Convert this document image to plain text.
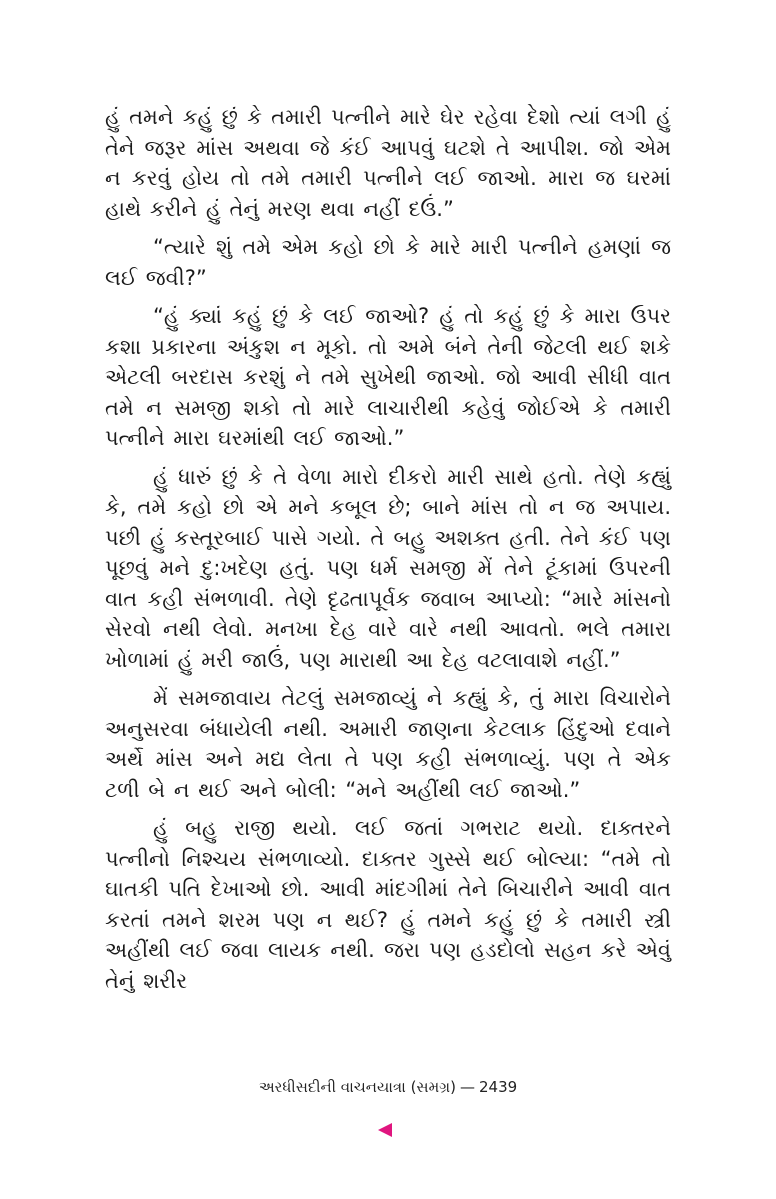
હું તમને કહું છું કે તમારી પત્નીને મારે ઘેર રહેવા દેશો ત્યાં લગી હું તેને જરૂર માંસ અથવા જે કંઈ આપવું ઘટશે તે આપીશ. જો એમ ન કરવું હોય તો તમે તમારી પત્નીને લઈ જાઓ. મારા જ ઘરમાં હાથે કરીને હું તેનું મરણ થવા નહીં દઉં.”

“ત્યારે શું તમે એમ કહો છો કે મારે મારી પત્નીને હમણાં જ લઈ જવી?”

“હું ક્યાં કહું છું કે લઈ જાઓ? હું તો કહું છું કે મારા ઉપર કશા પ્રકારના અંકુશ ન મૂકો. તો અમે બંને તેની જેટલી થઈ શકે એટલી બરદાસ કરશું ને તમે સુખેથી જાઓ. જો આવી સીધી વાત તમે ન સમજી શકો તો મારે લાચારીથી કહેવું જોઈએ કે તમારી પત્નીને મારા ઘરમાંથી લઈ જાઓ.”

હું ધારું છું કે તે વેળા મારો દીકરો મારી સાથે હતો. તેણે કહ્યું કે, તમે કહો છો એ મને કબૂલ છે; બાને માંસ તો ન જ અપાય. પછી હું કસ્તૂરબાઈ પાસે ગયો. તે બહુ અશક્ત હતી. તેને કંઈ પણ પૂછવું મને દુ:ખદેણ હતું. પણ ધર્મ સમજી મેં તેને ટૂંકામાં ઉપરની વાત કહી સંભળાવી. તેણે દૃઢતાપૂર્વક જવાબ આપ્યો: “મારે માંસનો સેરવો નથી લેવો. મનખા દેહ વારે વારે નથી આવતો. ભલે તમારા ખોળામાં હું મરી જાઉં, પણ મારાથી આ દેહ વટલાવાશે નહીં.”

મેં સમજાવાય તેટલું સમજાવ્યું ને કહ્યું કે, તું મારા વિચારોને અનુસરવા બંધાયેલી નથી. અમારી જાણના કેટલાક હિંદુઓ દવાને અર્થે માંસ અને મદ્ય લેતા તે પણ કહી સંભળાવ્યું. પણ તે એક ટળી બે ન થઈ અને બોલી: “મને અહીંથી લઈ જાઓ.”

હું બહુ રાજી થયો. લઈ જતાં ગભરાટ થયો. દાક્તરને પત્નીનો નિશ્ચય સંભળાવ્યો. દાક્તર ગુસ્સે થઈ બોલ્યા: “તમે તો ઘાતકી પતિ દેખાઓ છો. આવી માંદગીમાં તેને બિચારીને આવી વાત કરતાં તમને શરમ પણ ન થઈ? હું તમને કહું છું કે તમારી સ્ત્રી અહીંથી લઈ જવા લાયક નથી. જરા પણ હડદોલો સહન કરે એવું તેનું શરીર

અરધીસદીની વાચનયાત્રા (સમગ્ર) — 2439
